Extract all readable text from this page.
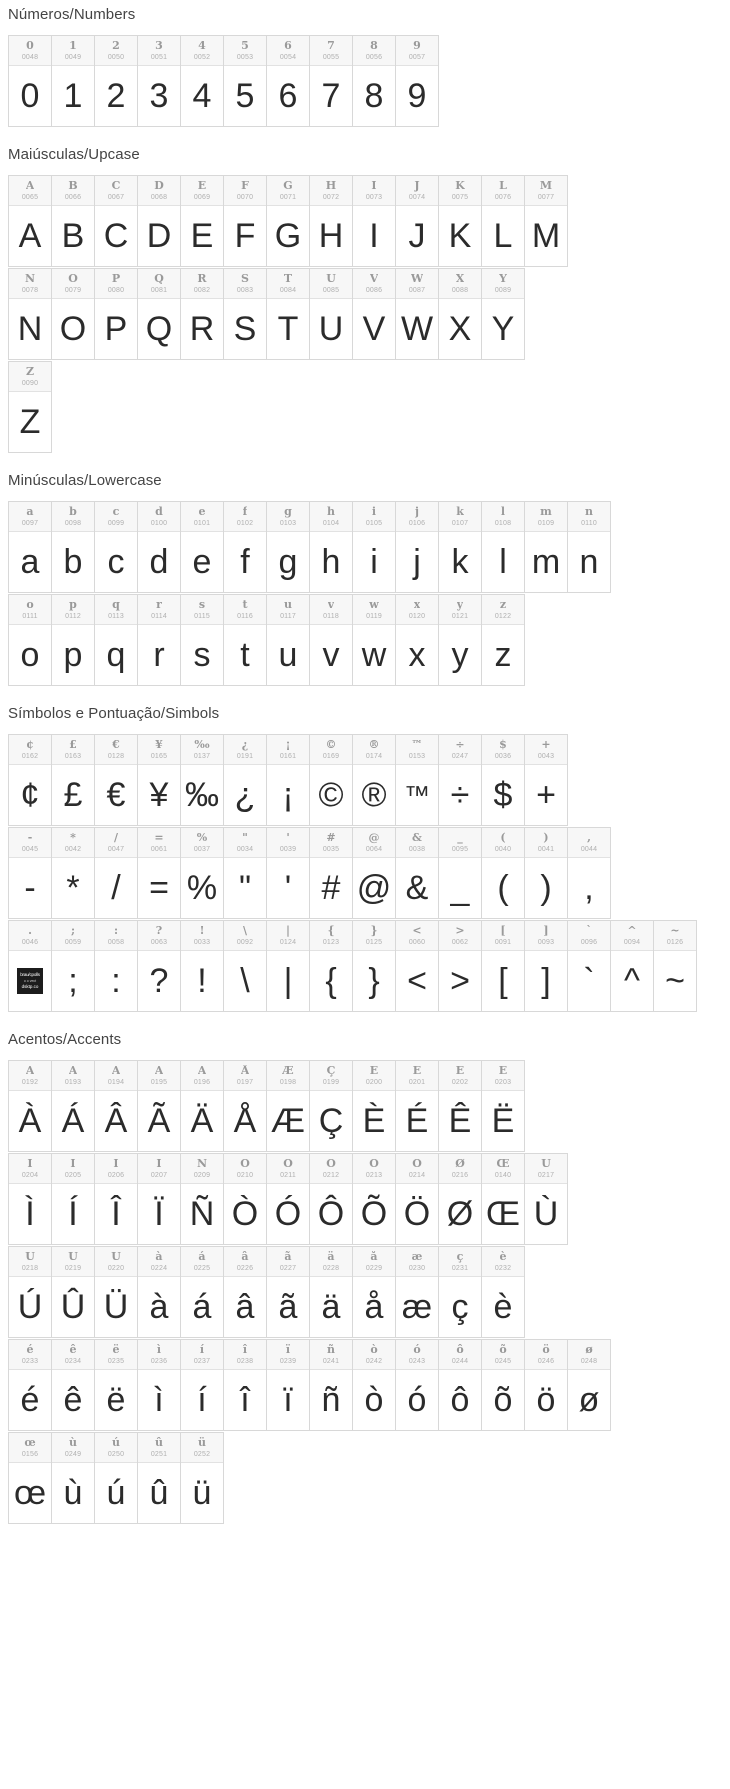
Números/Numbers
0
0048
0
1
0049
1
2
0050
2
3
0051
3
4
0052
4
5
0053
5
6
0054
6
7
0055
7
8
0056
8
9
0057
9
Maiúsculas/Upcase
A
0065
A
B
0066
B
C
0067
C
D
0068
D
E
0069
E
F
0070
F
G
0071
G
H
0072
H
I
0073
I
J
0074
J
K
0075
K
L
0076
L
M
0077
M
N
0078
N
O
0079
O
P
0080
P
Q
0081
Q
R
0082
R
S
0083
S
T
0084
T
U
0085
U
V
0086
V
W
0087
W
X
0088
X
Y
0089
Y
Z
0090
Z
Minúsculas/Lowercase
a
0097
a
b
0098
b
c
0099
c
d
0100
d
e
0101
e
f
0102
f
g
0103
g
h
0104
h
i
0105
i
j
0106
j
k
0107
k
l
0108
l
m
0109
m
n
0110
n
o
0111
o
p
0112
p
q
0113
q
r
0114
r
s
0115
s
t
0116
t
u
0117
u
v
0118
v
w
0119
w
x
0120
x
y
0121
y
z
0122
z
Símbolos e Pontuação/Simbols
¢
0162
¢
£
0163
£
€
0128
€
¥
0165
¥
‰
0137
‰
¿
0191
¿
¡
0161
¡
©
0169
©
®
0174
®
™
0153
™
÷
0247
÷
$
0036
$
+
0043
+
-
0045
-
*
0042
*
/
0047
/
=
0061
=
%
0037
%
"
0034
"
'
0039
'
#
0035
#
@
0064
@
&
0038
&
_
0095
_
(
0040
(
)
0041
)
,
0044
,
.
0046
brau/cpolls
o o vect
dsktp.co
;
0059
;
:
0058
:
?
0063
?
!
0033
!
\
0092
\
|
0124
|
{
0123
{
}
0125
}
<
0060
<
>
0062
>
[
0091
[
]
0093
]
`
0096
`
^
0094
^
~
0126
~
Acentos/Accents
À
0192
À
Á
0193
Á
Â
0194
Â
Ã
0195
Ã
Ä
0196
Ä
Å
0197
Å
Æ
0198
Æ
Ç
0199
Ç
È
0200
È
É
0201
É
Ê
0202
Ê
Ë
0203
Ë
Ì
0204
Ì
Í
0205
Í
Î
0206
Î
Ï
0207
Ï
Ñ
0209
Ñ
Ò
0210
Ò
Ó
0211
Ó
Ô
0212
Ô
Õ
0213
Õ
Ö
0214
Ö
Ø
0216
Ø
Œ
0140
Œ
Ù
0217
Ù
Ú
0218
Ú
Û
0219
Û
Ü
0220
Ü
à
0224
à
á
0225
á
â
0226
â
ã
0227
ã
ä
0228
ä
å
0229
å
æ
0230
æ
ç
0231
ç
è
0232
è
é
0233
é
ê
0234
ê
ë
0235
ë
ì
0236
ì
í
0237
í
î
0238
î
ï
0239
ï
ñ
0241
ñ
ò
0242
ò
ó
0243
ó
ô
0244
ô
õ
0245
õ
ö
0246
ö
ø
0248
ø
œ
0156
œ
ù
0249
ù
ú
0250
ú
û
0251
û
ü
0252
ü
